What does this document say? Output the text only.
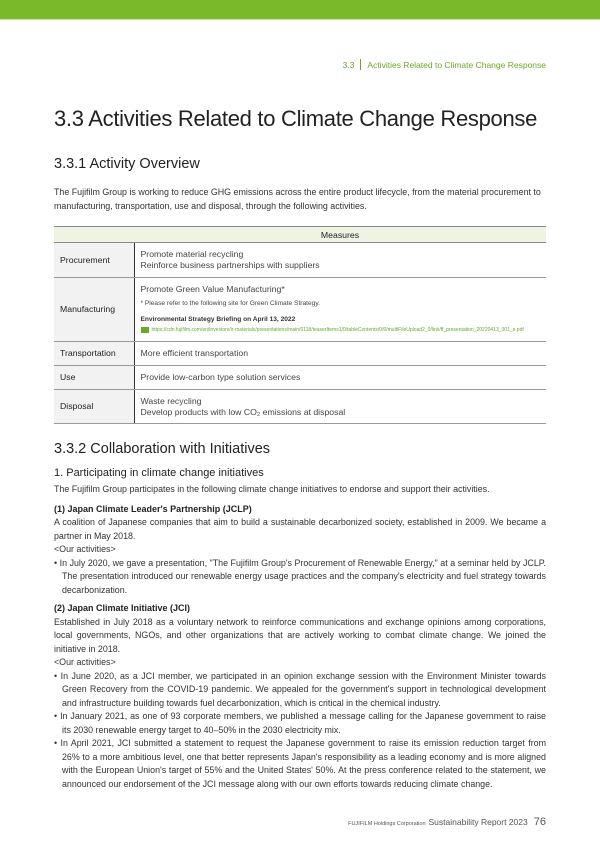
3.3 Activities Related to Climate Change Response
3.3 Activities Related to Climate Change Response
3.3.1 Activity Overview

The Fujifilm Group is working to reduce GHG emissions across the entire product lifecycle, from the material procurement to manufacturing, transportation, use and disposal, through the following activities.

	Measures
Procurement	Promote material recycling
Reinforce business partnerships with suppliers

Manufacturing	Promote Green Value Manufacturing*
* Please refer to the following site for Green Climate Strategy.
Environmental Strategy Briefing on April 13, 2022
https://cdn.fujifilm.com/en/investors/ir-materials/presentations/main/0118/teaserItems1/0/tableContents/0/0/multiFileUpload2_0/link/ff_presentation_20220413_001_e.pdf

Transportation	More efficient transportation
Use	Provide low-carbon type solution services
Disposal	Waste recycling
Develop products with low CO₂ emissions at disposal
3.3.2 Collaboration with Initiatives
1. Participating in climate change initiatives

The Fujifilm Group participates in the following climate change initiatives to endorse and support their activities.

(1) Japan Climate Leader's Partnership (JCLP)
A coalition of Japanese companies that aim to build a sustainable decarbonized society, established in 2009. We became a partner in May 2018.
<Our activities>
• In July 2020, we gave a presentation, "The Fujifilm Group's Procurement of Renewable Energy," at a seminar held by JCLP. The presentation introduced our renewable energy usage practices and the company's electricity and fuel strategy towards decarbonization.
(2) Japan Climate Initiative (JCI)
Established in July 2018 as a voluntary network to reinforce communications and exchange opinions among corporations, local governments, NGOs, and other organizations that are actively working to combat climate change. We joined the initiative in 2018.
<Our activities>
• In June 2020, as a JCI member, we participated in an opinion exchange session with the Environment Minister towards Green Recovery from the COVID-19 pandemic. We appealed for the government's support in technological development and infrastructure building towards fuel decarbonization, which is critical in the chemical industry.
• In January 2021, as one of 93 corporate members, we published a message calling for the Japanese government to raise its 2030 renewable energy target to 40–50% in the 2030 electricity mix.
• In April 2021, JCI submitted a statement to request the Japanese government to raise its emission reduction target from 26% to a more ambitious level, one that better represents Japan's responsibility as a leading economy and is more aligned with the European Union's target of 55% and the United States' 50%. At the press conference related to the statement, we announced our endorsement of the JCI message along with our own efforts towards reducing climate change.
FUJIFILM Holdings Corporation Sustainability Report 2023 76
